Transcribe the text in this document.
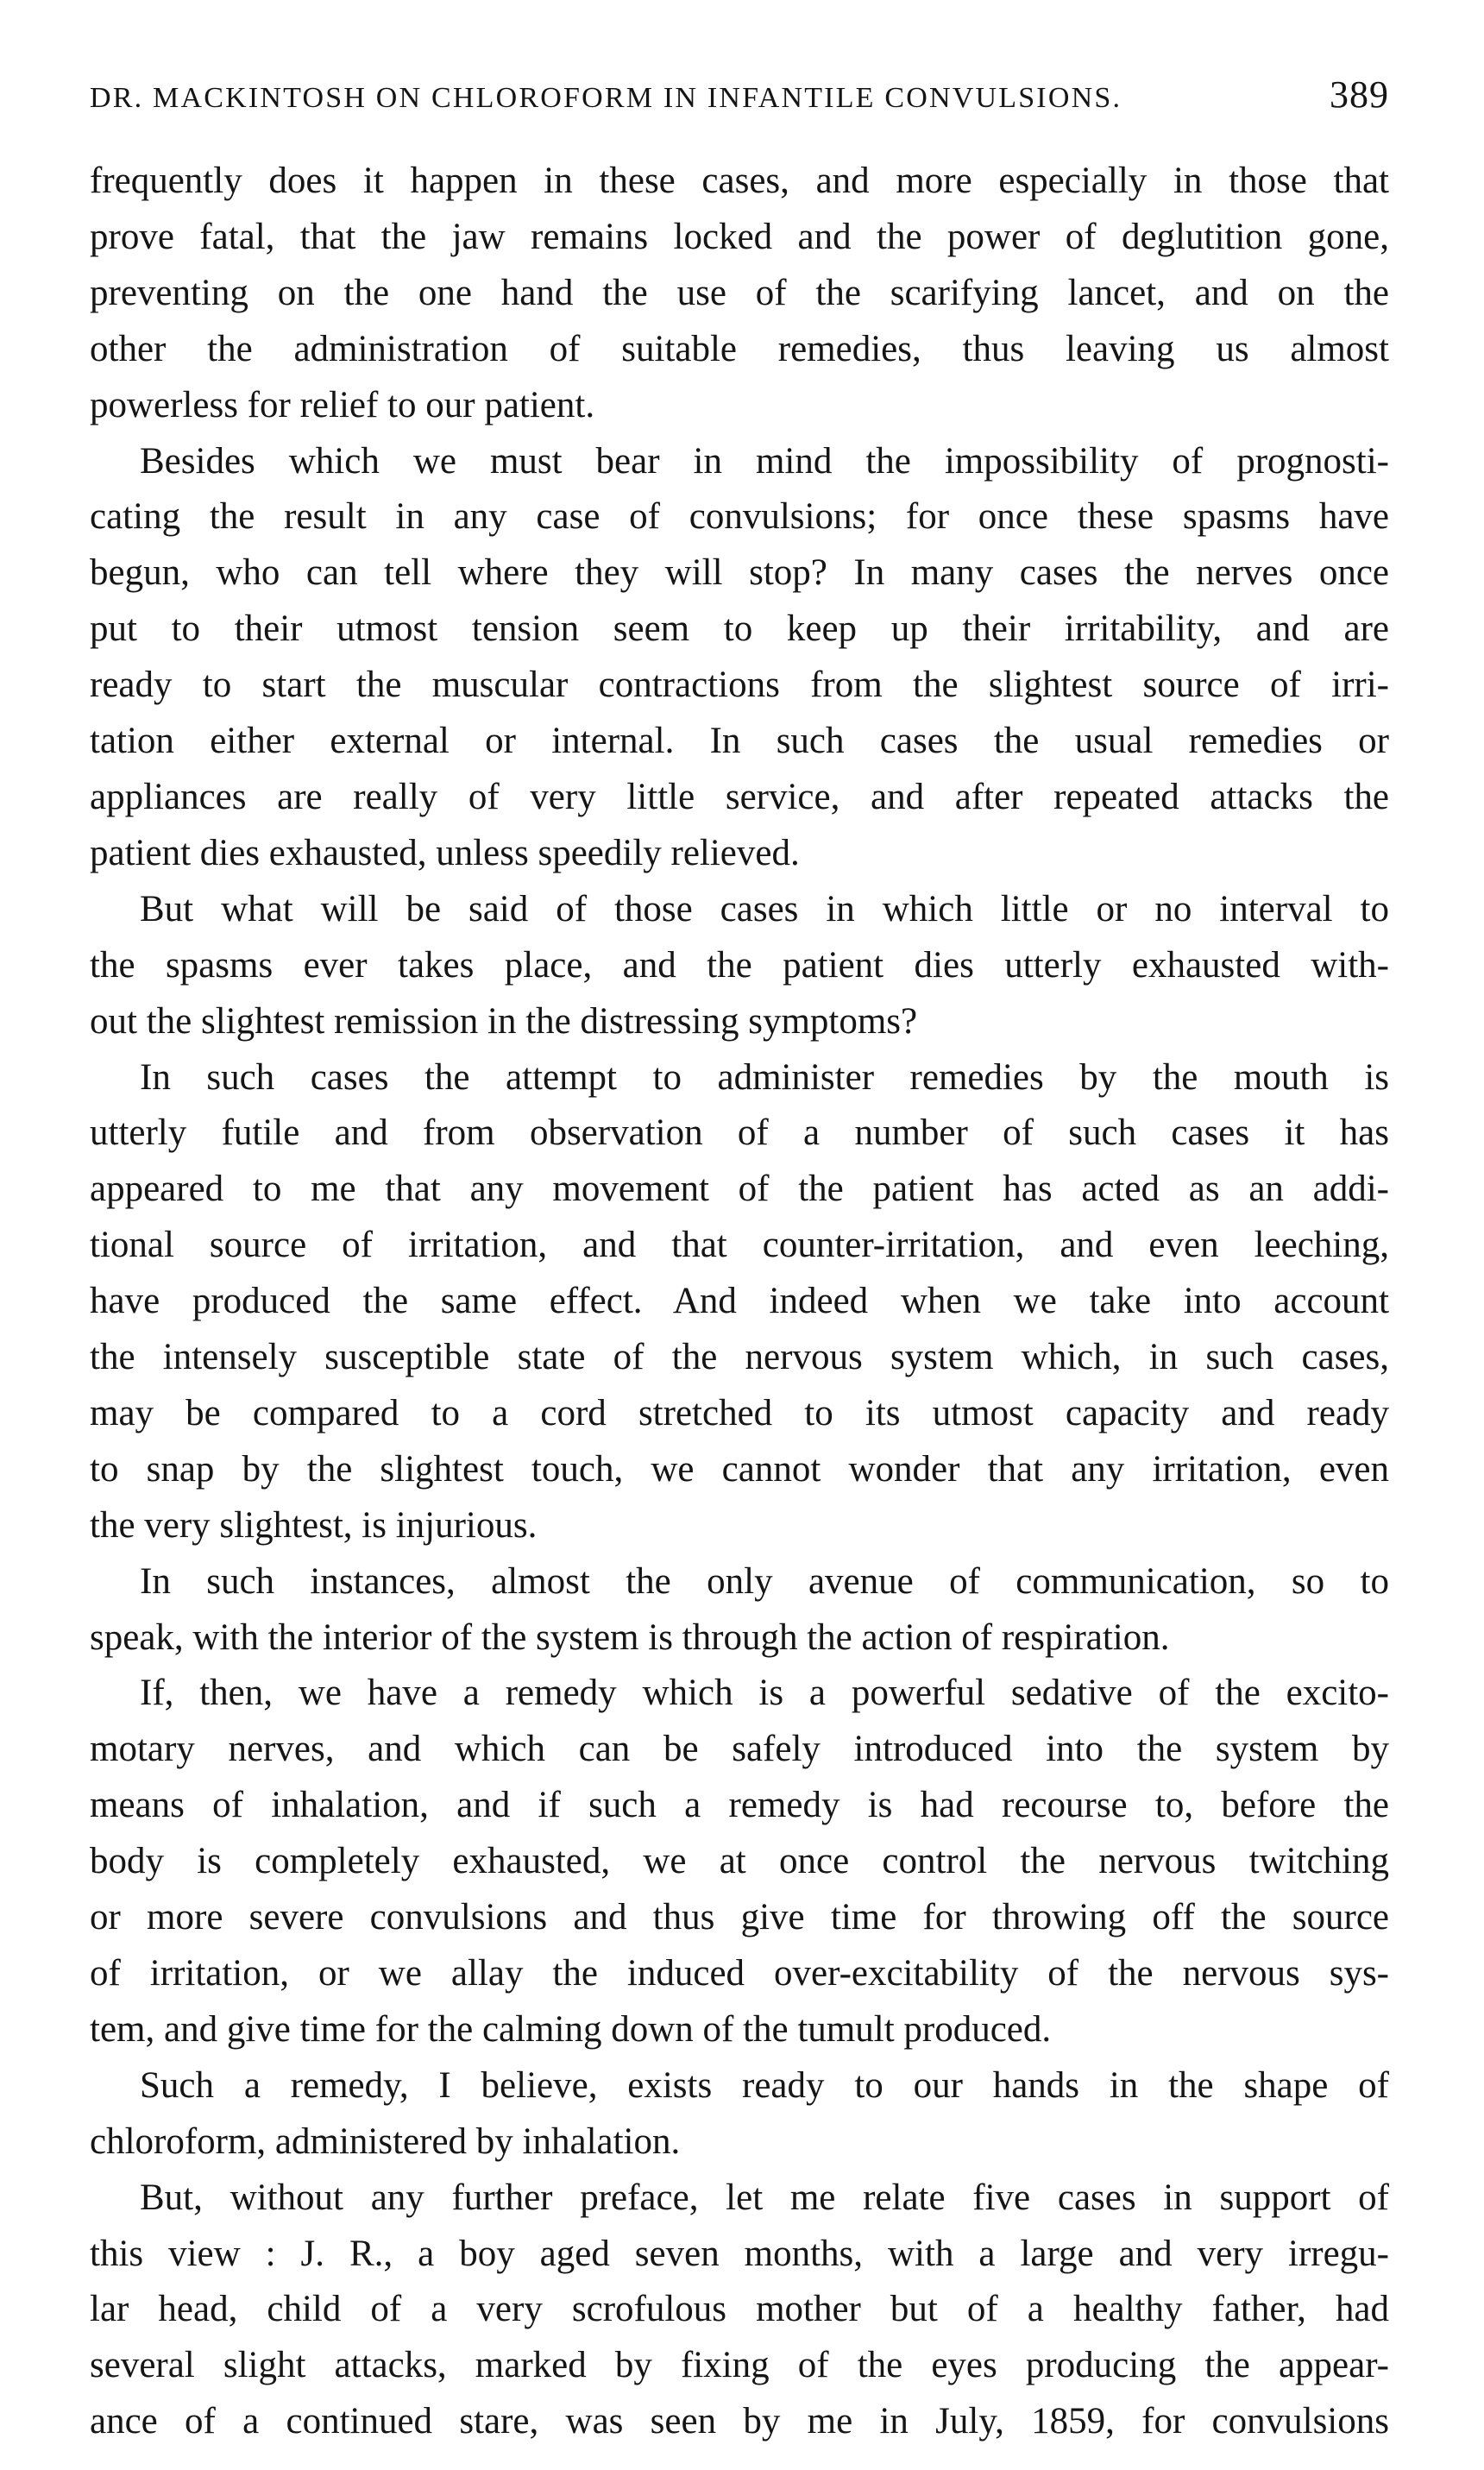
DR. MACKINTOSH ON CHLOROFORM IN INFANTILE CONVULSIONS.	389

frequently does it happen in these cases, and more especially in those that
prove fatal, that the jaw remains locked and the power of deglutition gone,
preventing on the one hand the use of the scarifying lancet, and on the
other the administration of suitable remedies, thus leaving us almost
powerless for relief to our patient.

Besides which we must bear in mind the impossibility of prognosti-
cating the result in any case of convulsions; for once these spasms have
begun, who can tell where they will stop? In many cases the nerves once
put to their utmost tension seem to keep up their irritability, and are
ready to start the muscular contractions from the slightest source of irri-
tation either external or internal. In such cases the usual remedies or
appliances are really of very little service, and after repeated attacks the
patient dies exhausted, unless speedily relieved.

But what will be said of those cases in which little or no interval to
the spasms ever takes place, and the patient dies utterly exhausted with-
out the slightest remission in the distressing symptoms?

In such cases the attempt to administer remedies by the mouth is
utterly futile and from observation of a number of such cases it has
appeared to me that any movement of the patient has acted as an addi-
tional source of irritation, and that counter-irritation, and even leeching,
have produced the same effect. And indeed when we take into account
the intensely susceptible state of the nervous system which, in such cases,
may be compared to a cord stretched to its utmost capacity and ready
to snap by the slightest touch, we cannot wonder that any irritation, even
the very slightest, is injurious.

In such instances, almost the only avenue of communication, so to
speak, with the interior of the system is through the action of respiration.

If, then, we have a remedy which is a powerful sedative of the excito-
motary nerves, and which can be safely introduced into the system by
means of inhalation, and if such a remedy is had recourse to, before the
body is completely exhausted, we at once control the nervous twitching
or more severe convulsions and thus give time for throwing off the source
of irritation, or we allay the induced over-excitability of the nervous sys-
tem, and give time for the calming down of the tumult produced.

Such a remedy, I believe, exists ready to our hands in the shape of
chloroform, administered by inhalation.

But, without any further preface, let me relate five cases in support of
this view : J. R., a boy aged seven months, with a large and very irregu-
lar head, child of a very scrofulous mother but of a healthy father, had
several slight attacks, marked by fixing of the eyes producing the appear-
ance of a continued stare, was seen by me in July, 1859, for convulsions
